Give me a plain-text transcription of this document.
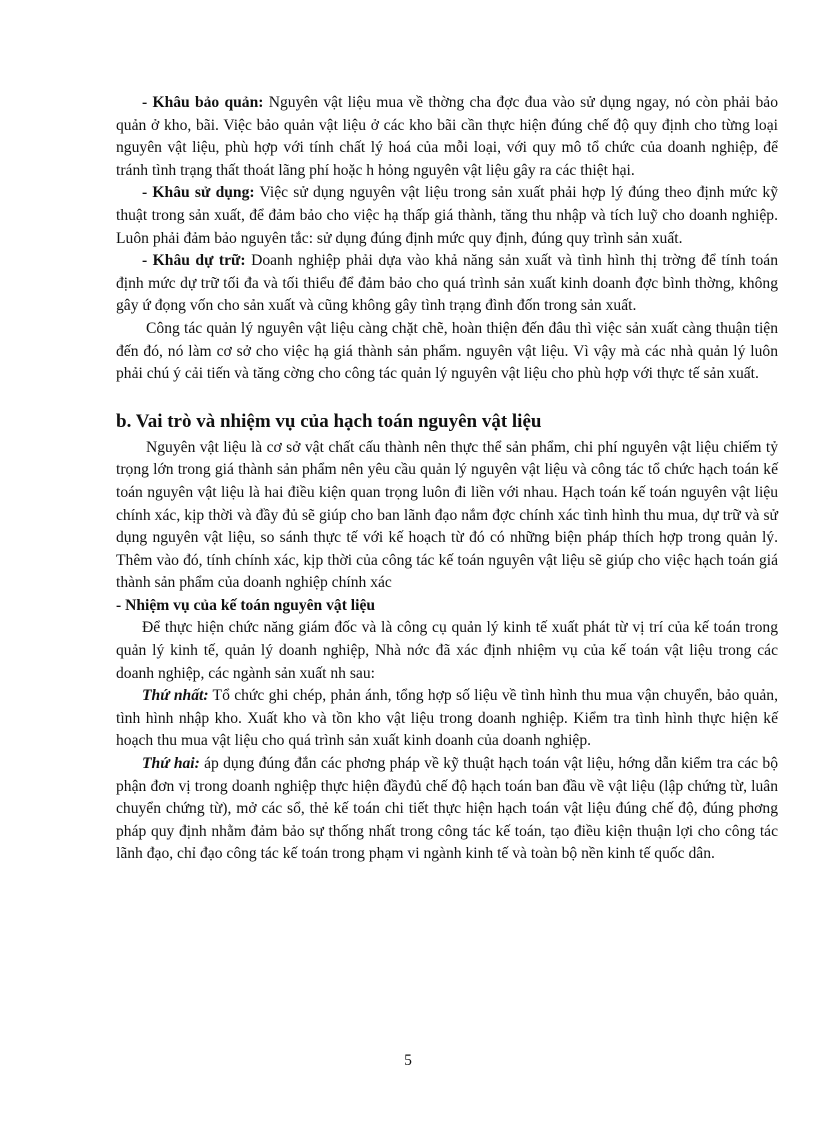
- Khâu bảo quản: Nguyên vật liệu mua về thờng cha đợc đua vào sử dụng ngay, nó còn phải bảo quản ở kho, bãi. Việc bảo quản vật liệu ở các kho bãi cần thực hiện đúng chế độ quy định cho từng loại nguyên vật liệu, phù hợp với tính chất lý hoá của mỗi loại, với quy mô tổ chức của doanh nghiệp, để tránh tình trạng thất thoát lãng phí hoặc h hỏng nguyên vật liệu gây ra các thiệt hại.

- Khâu sử dụng: Việc sử dụng nguyên vật liệu trong sản xuất phải hợp lý đúng theo định mức kỹ thuật trong sản xuất, để đảm bảo cho việc hạ thấp giá thành, tăng thu nhập và tích luỹ cho doanh nghiệp. Luôn phải đảm bảo nguyên tắc: sử dụng đúng định mức quy định, đúng quy trình sản xuất.

- Khâu dự trữ: Doanh nghiệp phải dựa vào khả năng sản xuất và tình hình thị trờng để tính toán định mức dự trữ tối đa và tối thiểu để đảm bảo cho quá trình sản xuất kinh doanh đợc bình thờng, không gây ứ đọng vốn cho sản xuất và cũng không gây tình trạng đình đốn trong sản xuất.

Công tác quản lý nguyên vật liệu càng chặt chẽ, hoàn thiện đến đâu thì việc sản xuất càng thuận tiện đến đó, nó làm cơ sở cho việc hạ giá thành sản phẩm. nguyên vật liệu. Vì vậy mà các nhà quản lý luôn phải chú ý cải tiến và tăng cờng cho công tác quản lý nguyên vật liệu cho phù hợp với thực tế sản xuất.

b. Vai trò và nhiệm vụ của hạch toán nguyên vật liệu

Nguyên vật liệu là cơ sở vật chất cấu thành nên thực thể sản phẩm, chi phí nguyên vật liệu chiếm tỷ trọng lớn trong giá thành sản phẩm nên yêu cầu quản lý nguyên vật liệu và công tác tổ chức hạch toán kế toán nguyên vật liệu là hai điều kiện quan trọng luôn đi liền với nhau. Hạch toán kế toán nguyên vật liệu chính xác, kịp thời và đầy đủ sẽ giúp cho ban lãnh đạo nắm đợc chính xác tình hình thu mua, dự trữ và sử dụng nguyên vật liệu, so sánh thực tế với kế hoạch từ đó có những biện pháp thích hợp trong quản lý. Thêm vào đó, tính chính xác, kịp thời của công tác kế toán nguyên vật liệu sẽ giúp cho việc hạch toán giá thành sản phẩm của doanh nghiệp chính xác

- Nhiệm vụ của kế toán nguyên vật liệu

Để thực hiện chức năng giám đốc và là công cụ quản lý kinh tế xuất phát từ vị trí của kế toán trong quản lý kinh tế, quản lý doanh nghiệp, Nhà nớc đã xác định nhiệm vụ của kế toán vật liệu trong các doanh nghiệp, các ngành sản xuất nh sau:

Thứ nhất: Tổ chức ghi chép, phản ánh, tổng hợp số liệu về tình hình thu mua vận chuyển, bảo quản, tình hình nhập kho. Xuất kho và tồn kho vật liệu trong doanh nghiệp. Kiểm tra tình hình thực hiện kế hoạch thu mua vật liệu cho quá trình sản xuất kinh doanh của doanh nghiệp.

Thứ hai: áp dụng đúng đắn các phơng pháp về kỹ thuật hạch toán vật liệu, hớng dẫn kiểm tra các bộ phận đơn vị trong doanh nghiệp thực hiện đầyđủ chế độ hạch toán ban đầu về vật liệu (lập chứng từ, luân chuyển chứng từ), mở các sổ, thẻ kế toán chi tiết thực hiện hạch toán vật liệu đúng chế độ, đúng phơng pháp quy định nhằm đảm bảo sự thống nhất trong công tác kế toán, tạo điều kiện thuận lợi cho công tác lãnh đạo, chỉ đạo công tác kế toán trong phạm vi ngành kinh tế và toàn bộ nền kinh tế quốc dân.

5
